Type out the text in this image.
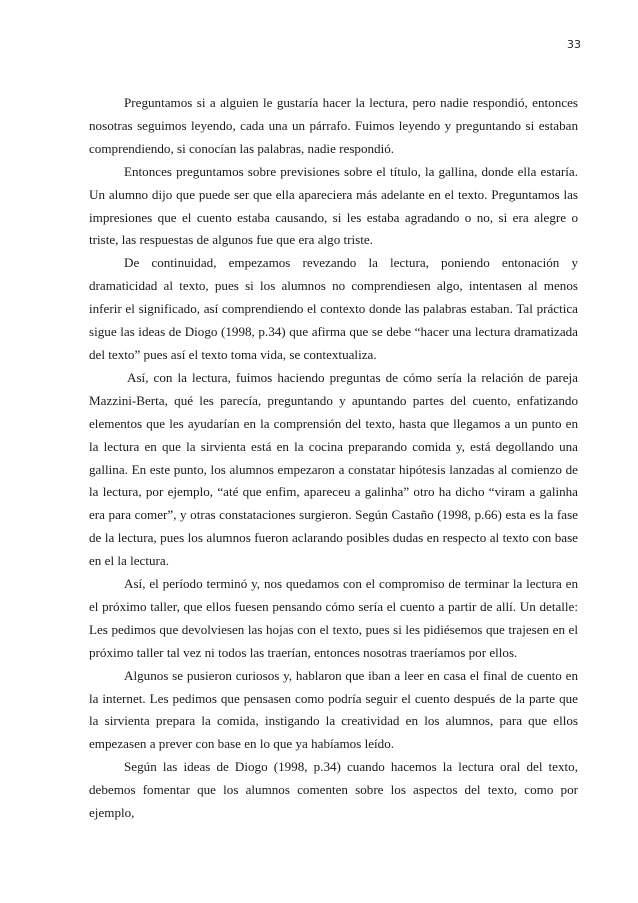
33

Preguntamos si a alguien le gustaría hacer la lectura, pero nadie respondió, entonces nosotras seguimos leyendo, cada una un párrafo. Fuimos leyendo y preguntando si estaban comprendiendo, si conocían las palabras, nadie respondió.

Entonces preguntamos sobre previsiones sobre el título, la gallina, donde ella estaría. Un alumno dijo que puede ser que ella apareciera más adelante en el texto. Preguntamos las impresiones que el cuento estaba causando, si les estaba agradando o no, si era alegre o triste, las respuestas de algunos fue que era algo triste.

De continuidad, empezamos revezando la lectura, poniendo entonación y dramaticidad al texto, pues si los alumnos no comprendiesen algo, intentasen al menos inferir el significado, así comprendiendo el contexto donde las palabras estaban. Tal práctica sigue las ideas de Diogo (1998, p.34) que afirma que se debe “hacer una lectura dramatizada del texto” pues así el texto toma vida, se contextualiza.

Así, con la lectura, fuimos haciendo preguntas de cómo sería la relación de pareja Mazzini-Berta, qué les parecía, preguntando y apuntando partes del cuento, enfatizando elementos que les ayudarían en la comprensión del texto, hasta que llegamos a un punto en la lectura en que la sirvienta está en la cocina preparando comida y, está degollando una gallina. En este punto, los alumnos empezaron a constatar hipótesis lanzadas al comienzo de la lectura, por ejemplo, “até que enfim, apareceu a galinha” otro ha dicho “viram a galinha era para comer”, y otras constataciones surgieron. Según Castaño (1998, p.66) esta es la fase de la lectura, pues los alumnos fueron aclarando posibles dudas en respecto al texto con base en el la lectura.

Así, el período terminó y, nos quedamos con el compromiso de terminar la lectura en el próximo taller, que ellos fuesen pensando cómo sería el cuento a partir de allí. Un detalle: Les pedimos que devolviesen las hojas con el texto, pues si les pidiésemos que trajesen en el próximo taller tal vez ni todos las traerían, entonces nosotras traeríamos por ellos.

Algunos se pusieron curiosos y, hablaron que iban a leer en casa el final de cuento en la internet. Les pedimos que pensasen como podría seguir el cuento después de la parte que la sirvienta prepara la comida, instigando la creatividad en los alumnos, para que ellos empezasen a prever con base en lo que ya habíamos leído.

Según las ideas de Diogo (1998, p.34) cuando hacemos la lectura oral del texto, debemos fomentar que los alumnos comenten sobre los aspectos del texto, como por ejemplo,
